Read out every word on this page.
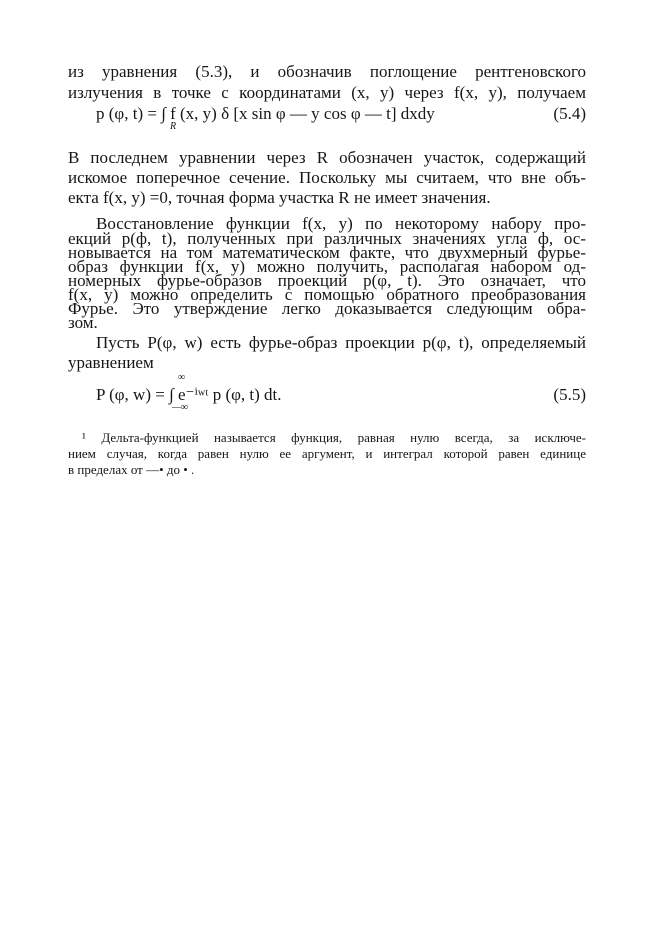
из уравнения (5.3), и обозначив поглощение рентгеновского
излучения в точке с координатами (x, y) через f(x, y), получаем
p (φ, t) = ∫ f (x, y) δ [x sin φ — y cos φ — t] dxdy
R
(5.4)
В последнем уравнении через R обозначен участок, содержащий
искомое поперечное сечение. Поскольку мы считаем, что вне объ-
екта f(x, y) =0, точная форма участка R не имеет значения.
Восстановление функции f(x, y) по некоторому набору про-
екций p(ф, t), полученных при различных значениях угла ф, ос-
новывается на том математическом факте, что двухмерный фурье-
образ функции f(x, y) можно получить, располагая набором од-
номерных фурье-образов проекций p(φ, t). Это означает, что
f(x, y) можно определить с помощью обратного преобразования
Фурье. Это утверждение легко доказывается следующим обра-
зом.
Пусть P(φ, w) есть фурье-образ проекции p(φ, t), определяемый
уравнением
P (φ, w) = ∫ e⁻ⁱʷᵗ p (φ, t) dt.
∞
—∞
(5.5)
¹ Дельта-функцией называется функция, равная нулю всегда, за исключе-
нием случая, когда равен нулю ее аргумент, и интеграл которой равен единице
в пределах от —• до • .
